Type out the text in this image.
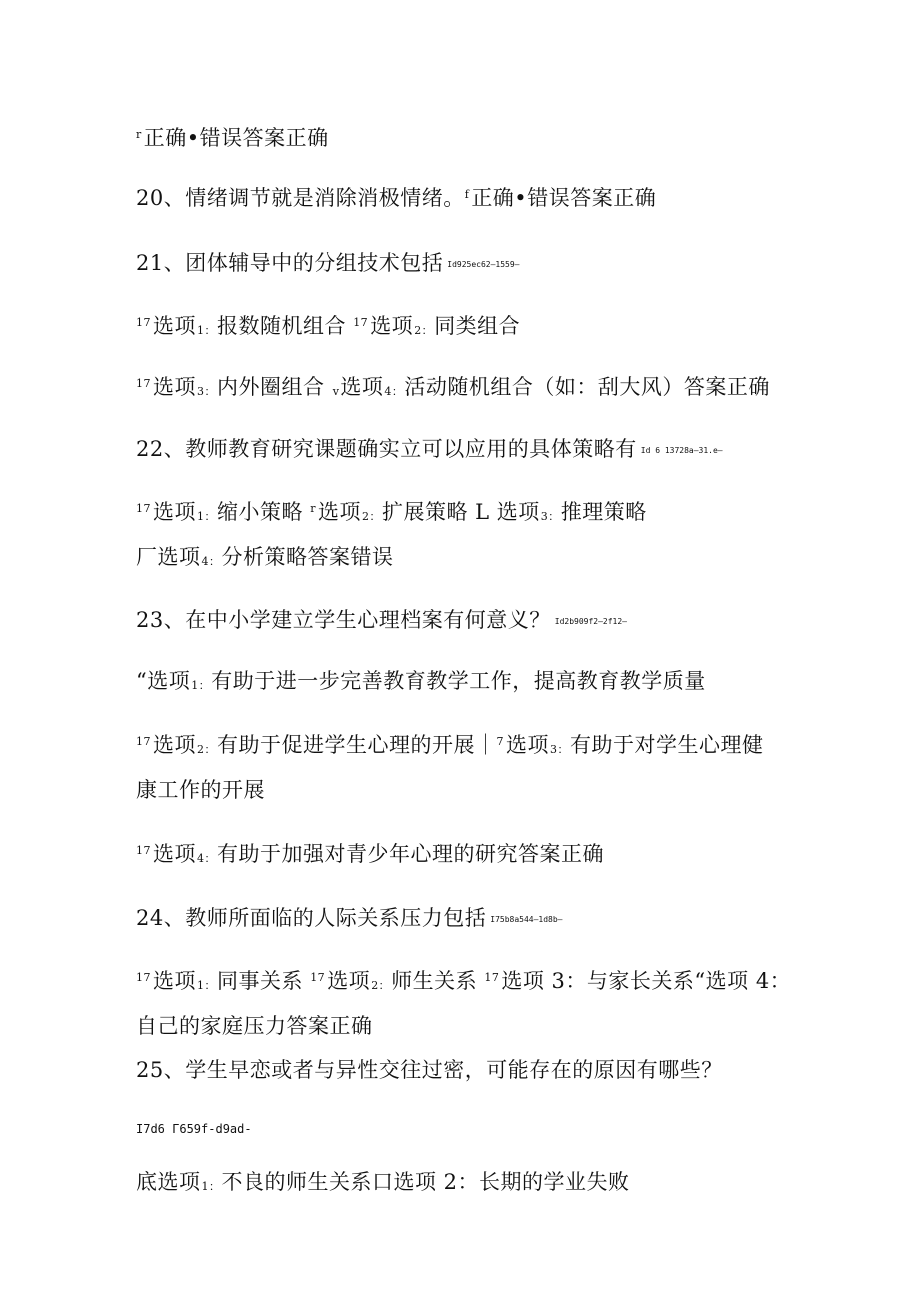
$^r$正确•错误答案正确
20、情绪调节就是消除消极情绪。$^f$正确•错误答案正确
21、团体辅导中的分组技术包括 Id925ec62—1559—
$^{17}$选项1：报数随机组合 $^{17}$选项2：同类组合
$^{17}$选项3：内外圈组合 v选项4：活动随机组合（如：刮大风）答案正确
22、教师教育研究课题确实立可以应用的具体策略有 Id 6 13728a—31.e—
$^{17}$选项1：缩小策略 $^r$选项2：扩展策略 L 选项3：推理策略
厂选项4：分析策略答案错误
23、在中小学建立学生心理档案有何意义？ Id2b909f2—2f12—
“选项1：有助于进一步完善教育教学工作，提高教育教学质量
$^{17}$选项2：有助于促进学生心理的开展｜$^7$选项3：有助于对学生心理健
康工作的开展
$^{17}$选项4：有助于加强对青少年心理的研究答案正确
24、教师所面临的人际关系压力包括 I75b8a544—1d8b—
$^{17}$选项1：同事关系 $^{17}$选项2：师生关系 $^{17}$选项 3：与家长关系“选项 4：
自己的家庭压力答案正确
25、学生早恋或者与异性交往过密，可能存在的原因有哪些？
I7d6 Γ659f-d9ad-
底选项1：不良的师生关系口选项 2：长期的学业失败
